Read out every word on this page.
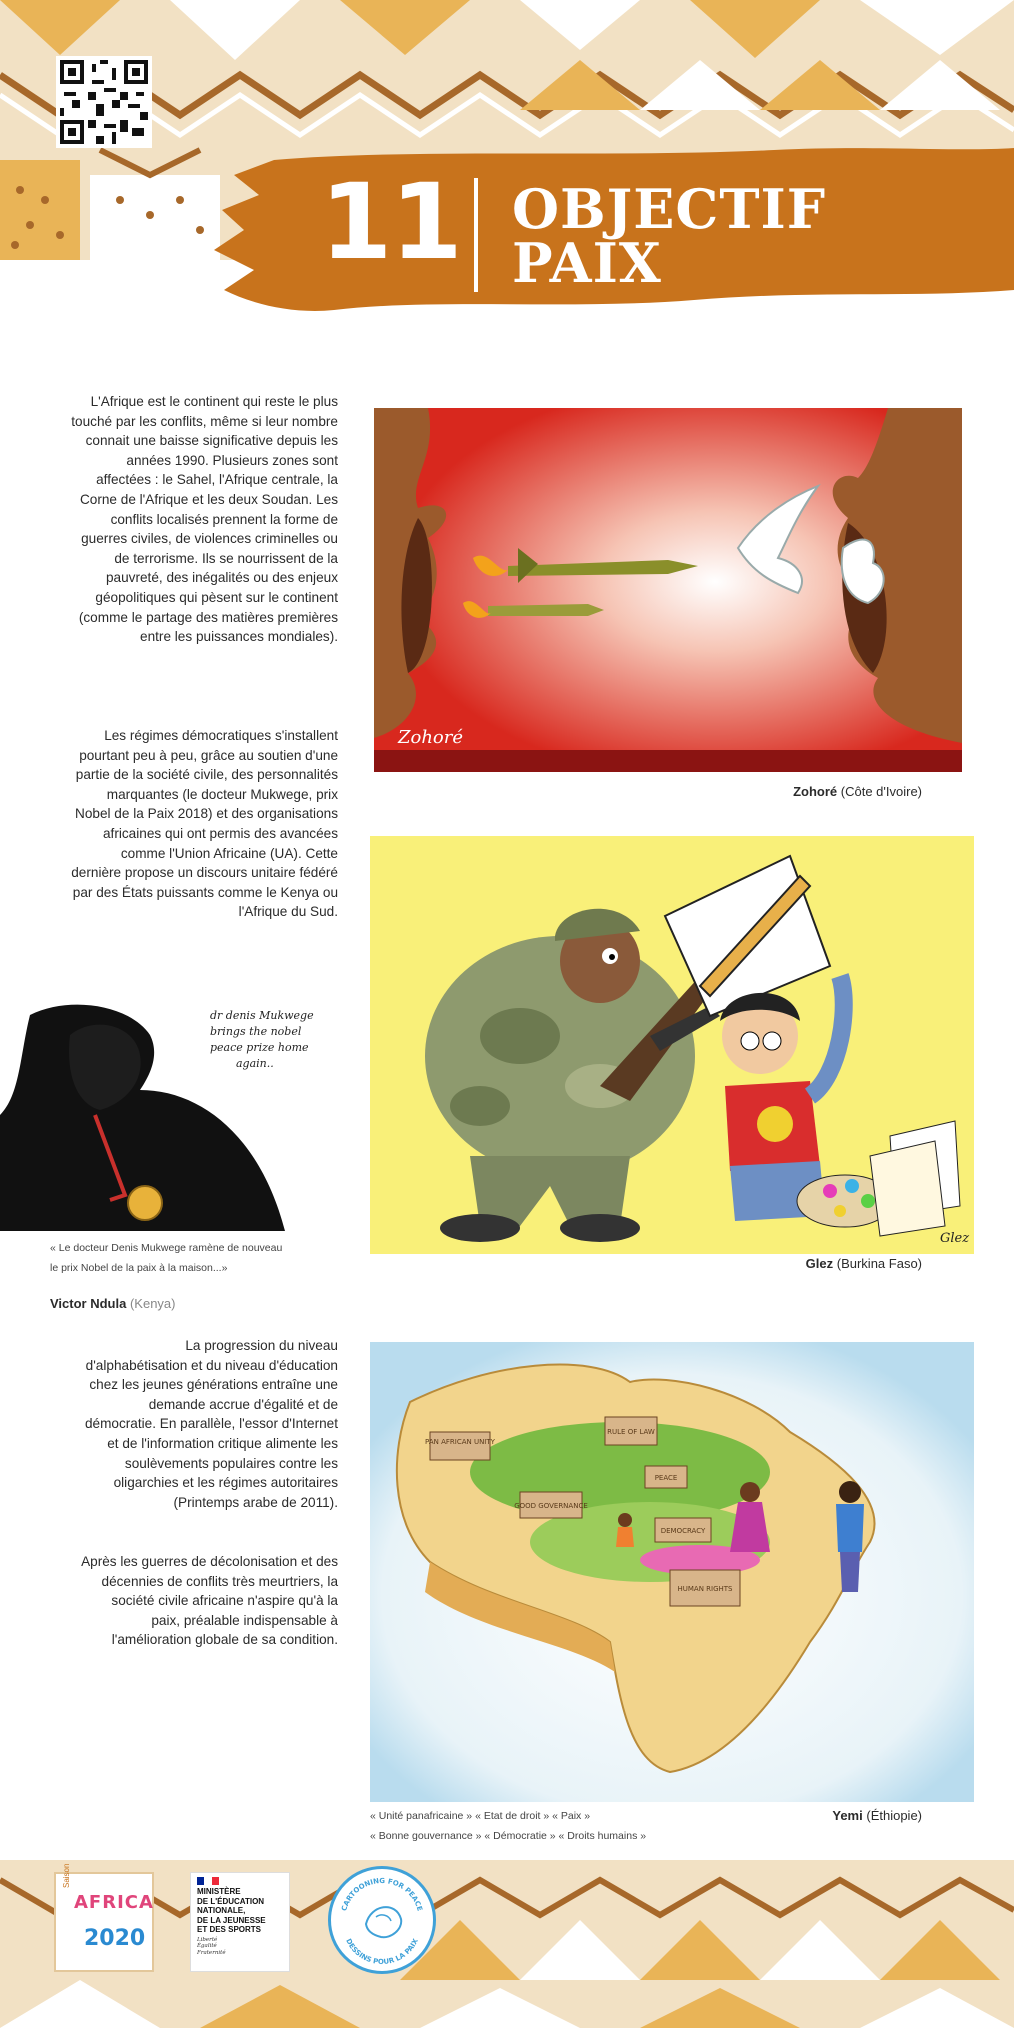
11 OBJECTIF
PAIX

L'Afrique est le continent qui reste le plus touché par les conflits, même si leur nombre connait une baisse significative depuis les années 1990. Plusieurs zones sont affectées : le Sahel, l'Afrique centrale, la Corne de l'Afrique et les deux Soudan. Les conflits localisés prennent la forme de guerres civiles, de violences criminelles ou de terrorisme. Ils se nourrissent de la pauvreté, des inégalités ou des enjeux géopolitiques qui pèsent sur le continent (comme le partage des matières premières entre les puissances mondiales).

Les régimes démocratiques s'installent pourtant peu à peu, grâce au soutien d'une partie de la société civile, des personnalités marquantes (le docteur Mukwege, prix Nobel de la Paix 2018) et des organisations africaines qui ont permis des avancées comme l'Union Africaine (UA). Cette dernière propose un discours unitaire fédéré par des États puissants comme le Kenya ou l'Afrique du Sud.

La progression du niveau d'alphabétisation et du niveau d'éducation chez les jeunes générations entraîne une demande accrue d'égalité et de démocratie. En parallèle, l'essor d'Internet et de l'information critique alimente les soulèvements populaires contre les oligarchies et les régimes autoritaires (Printemps arabe de 2011).

Après les guerres de décolonisation et des décennies de conflits très meurtriers, la société civile africaine n'aspire qu'à la paix, préalable indispensable à l'amélioration globale de sa condition.

Zohoré
Zohoré (Côte d'Ivoire)
Glez
Glez (Burkina Faso)
dr denis Mukwege
brings the nobel
peace prize home
again..
« Le docteur Denis Mukwege ramène de nouveau
le prix Nobel de la paix à la maison...»
Victor Ndula (Kenya)
PAN AFRICAN UNITY
RULE OF LAW
GOOD GOVERNANCE
PEACE
DEMOCRACY
HUMAN RIGHTS
« Unité panafricaine » « Etat de droit » « Paix »
« Bonne gouvernance » « Démocratie » « Droits humains »
Yemi (Éthiopie)
Saison
AFRICA
2020
MINISTÈRE
DE L'ÉDUCATION
NATIONALE,
DE LA JEUNESSE
ET DES SPORTS
Liberté
Égalité
Fraternité
CARTOONING FOR PEACE
DESSINS POUR LA PAIX
